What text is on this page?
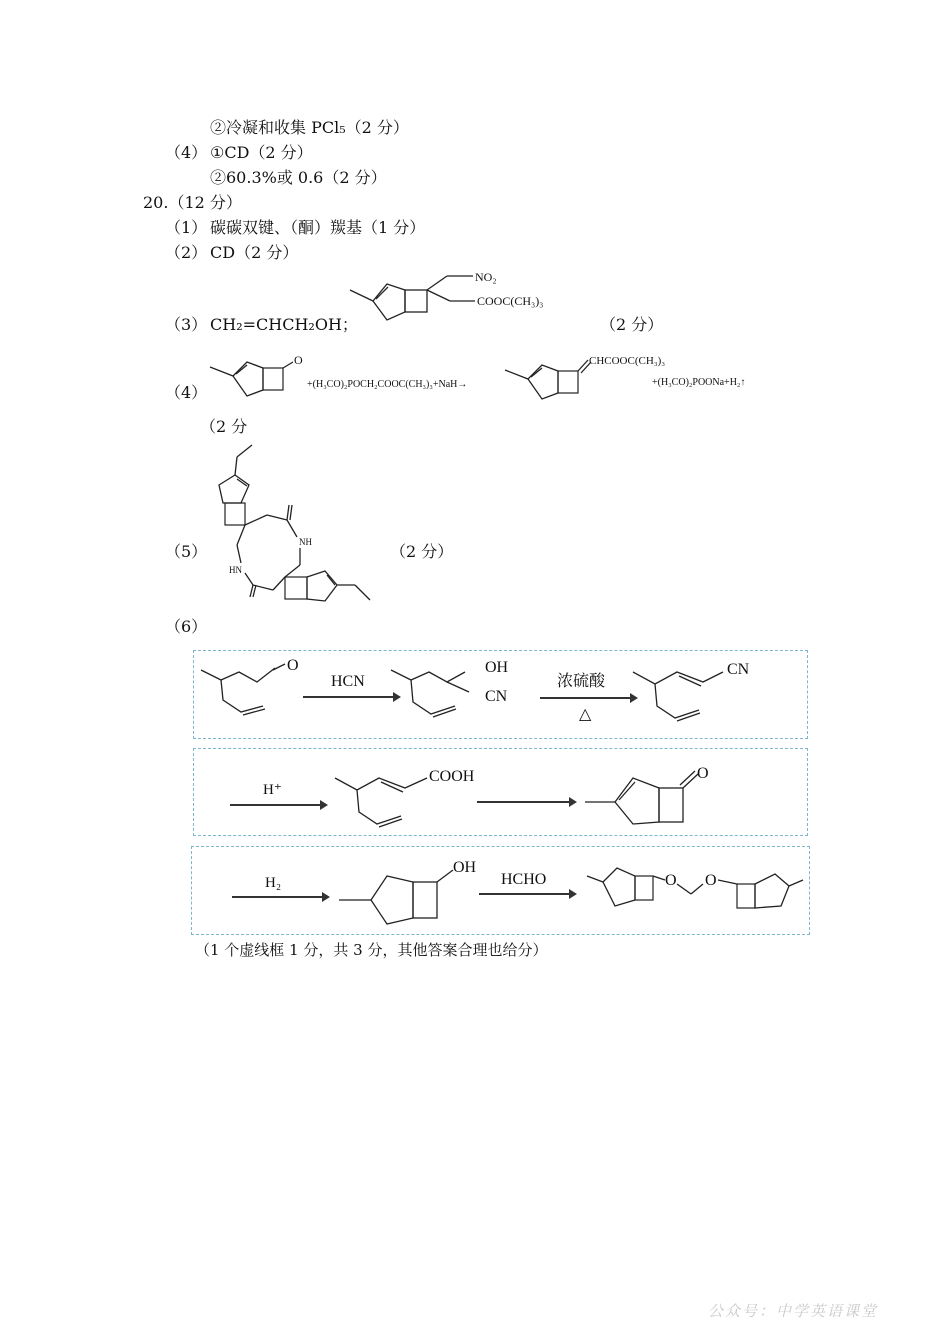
②冷凝和收集 PCl₅（2 分）
（4） ①CD（2 分）
②60.3%或 0.6（2 分）
20.（12 分）
（1） 碳碳双键、（酮）羰基（1 分）
（2） CD（2 分）
（3） CH₂=CHCH₂OH；
NO₂
COOC(CH₃)₃
（2 分）
（4）
O
+(H₃CO)₂POCH₂COOC(CH₃)₃+NaH→
CHCOOC(CH₃)₃
+(H₃CO)₂POONa+H₂↑
（2 分
（5）	NH
HN
（2 分）
（6）
O
HCN
OH
CN
浓硫酸
△
CN
H⁺
COOH	O
H₂
OH
HCHO	O O
（1 个虚线框 1 分，共 3 分，其他答案合理也给分）
公众号：中学英语课堂
